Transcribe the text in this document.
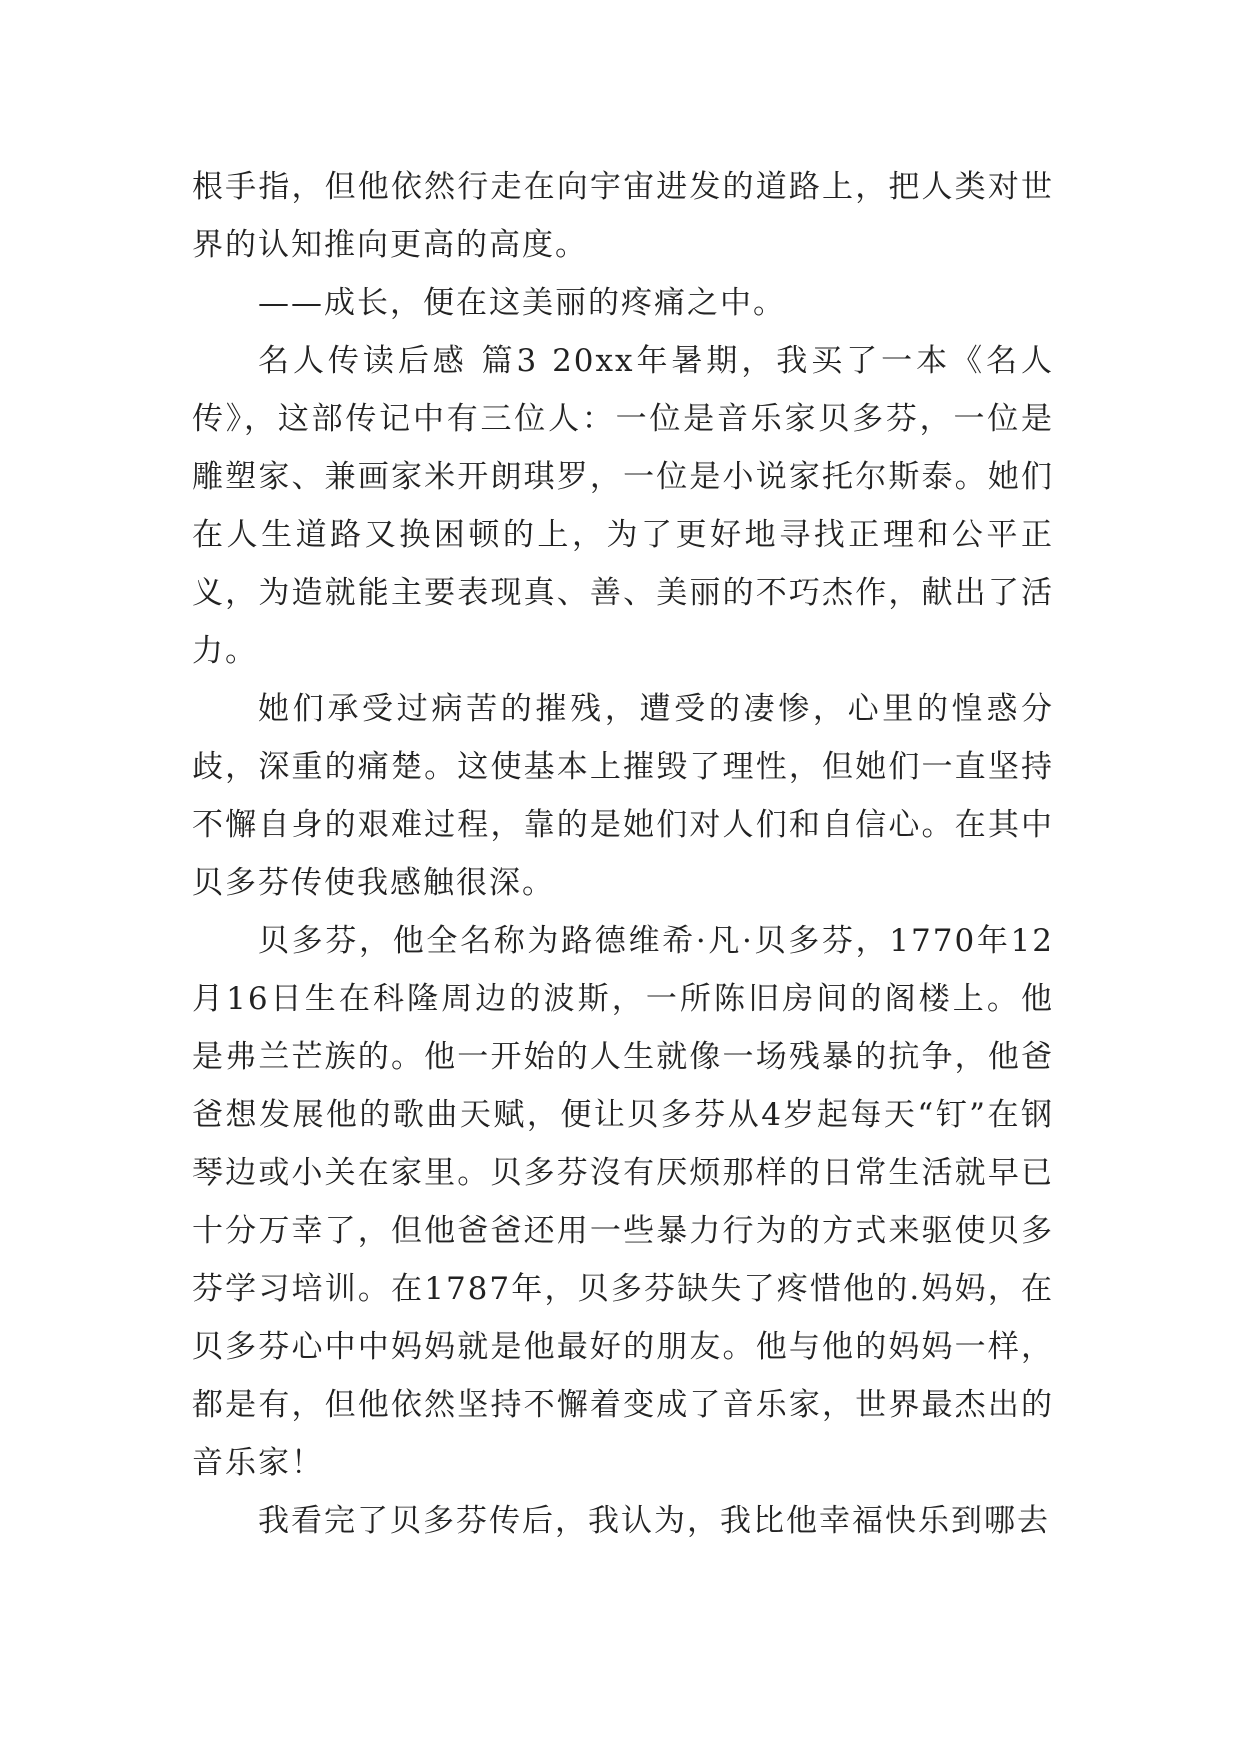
根手指，但他依然行走在向宇宙进发的道路上，把人类对世界的认知推向更高的高度。

——成长，便在这美丽的疼痛之中。

名人传读后感 篇3 20xx年暑期，我买了一本《名人传》，这部传记中有三位人：一位是音乐家贝多芬，一位是雕塑家、兼画家米开朗琪罗，一位是小说家托尔斯泰。她们在人生道路又换困顿的上，为了更好地寻找正理和公平正义，为造就能主要表现真、善、美丽的不巧杰作，献出了活力。

她们承受过病苦的摧残，遭受的凄惨，心里的惶惑分歧，深重的痛楚。这使基本上摧毁了理性，但她们一直坚持不懈自身的艰难过程，靠的是她们对人们和自信心。在其中贝多芬传使我感触很深。

贝多芬，他全名称为路德维希·凡·贝多芬，1770年12月16日生在科隆周边的波斯，一所陈旧房间的阁楼上。他是弗兰芒族的。他一开始的人生就像一场残暴的抗争，他爸爸想发展他的歌曲天赋，便让贝多芬从4岁起每天“钉”在钢琴边或小关在家里。贝多芬沒有厌烦那样的日常生活就早已十分万幸了，但他爸爸还用一些暴力行为的方式来驱使贝多芬学习培训。在1787年，贝多芬缺失了疼惜他的.妈妈，在贝多芬心中中妈妈就是他最好的朋友。他与他的妈妈一样，都是有，但他依然坚持不懈着变成了音乐家，世界最杰出的音乐家！

我看完了贝多芬传后，我认为，我比他幸福快乐到哪去
